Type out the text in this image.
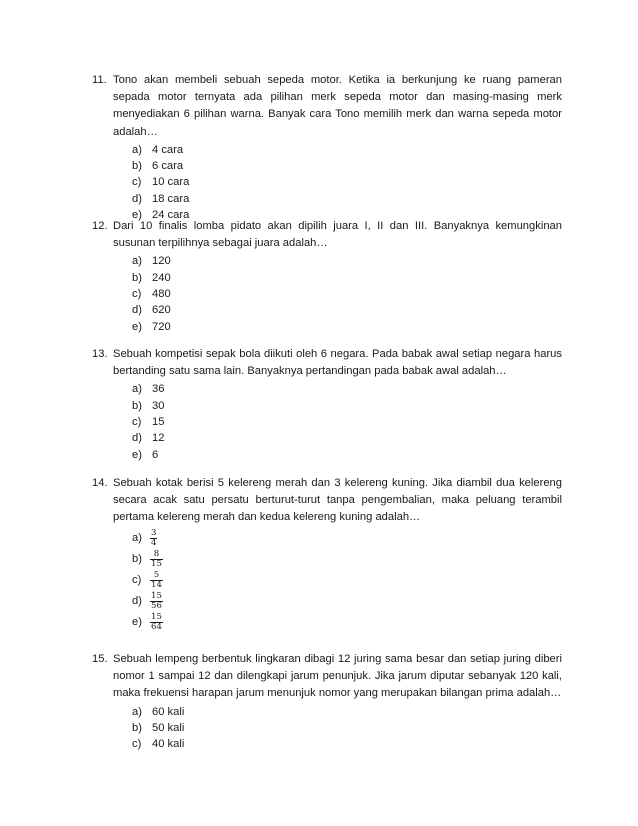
11. Tono akan membeli sebuah sepeda motor. Ketika ia berkunjung ke ruang pameran sepada motor ternyata ada pilihan merk sepeda motor dan masing-masing merk menyediakan 6 pilihan warna. Banyak cara Tono memilih merk dan warna sepeda motor adalah…
a) 4 cara
b) 6 cara
c) 10 cara
d) 18 cara
e) 24 cara
12. Dari 10 finalis lomba pidato akan dipilih juara I, II dan III. Banyaknya kemungkinan susunan terpilihnya sebagai juara adalah…
a) 120
b) 240
c) 480
d) 620
e) 720
13. Sebuah kompetisi sepak bola diikuti oleh 6 negara. Pada babak awal setiap negara harus bertanding satu sama lain. Banyaknya pertandingan pada babak awal adalah…
a) 36
b) 30
c) 15
d) 12
e) 6
14. Sebuah kotak berisi 5 kelereng merah dan 3 kelereng kuning. Jika diambil dua kelereng secara acak satu persatu berturut-turut tanpa pengembalian, maka peluang terambil pertama kelereng merah dan kedua kelereng kuning adalah…
$a) \frac{3}{4}$
$b) \frac{8}{15}$
c)	$\frac{5}{14}$
$d) \frac{15}{56}$
$e) \frac{15}{64}$
15. Sebuah lempeng berbentuk lingkaran dibagi 12 juring sama besar dan setiap juring diberi nomor 1 sampai 12 dan dilengkapi jarum penunjuk. Jika jarum diputar sebanyak 120 kali, maka frekuensi harapan jarum menunjuk nomor yang merupakan bilangan prima adalah…
a) 60 kali
b) 50 kali
c) 40 kali
